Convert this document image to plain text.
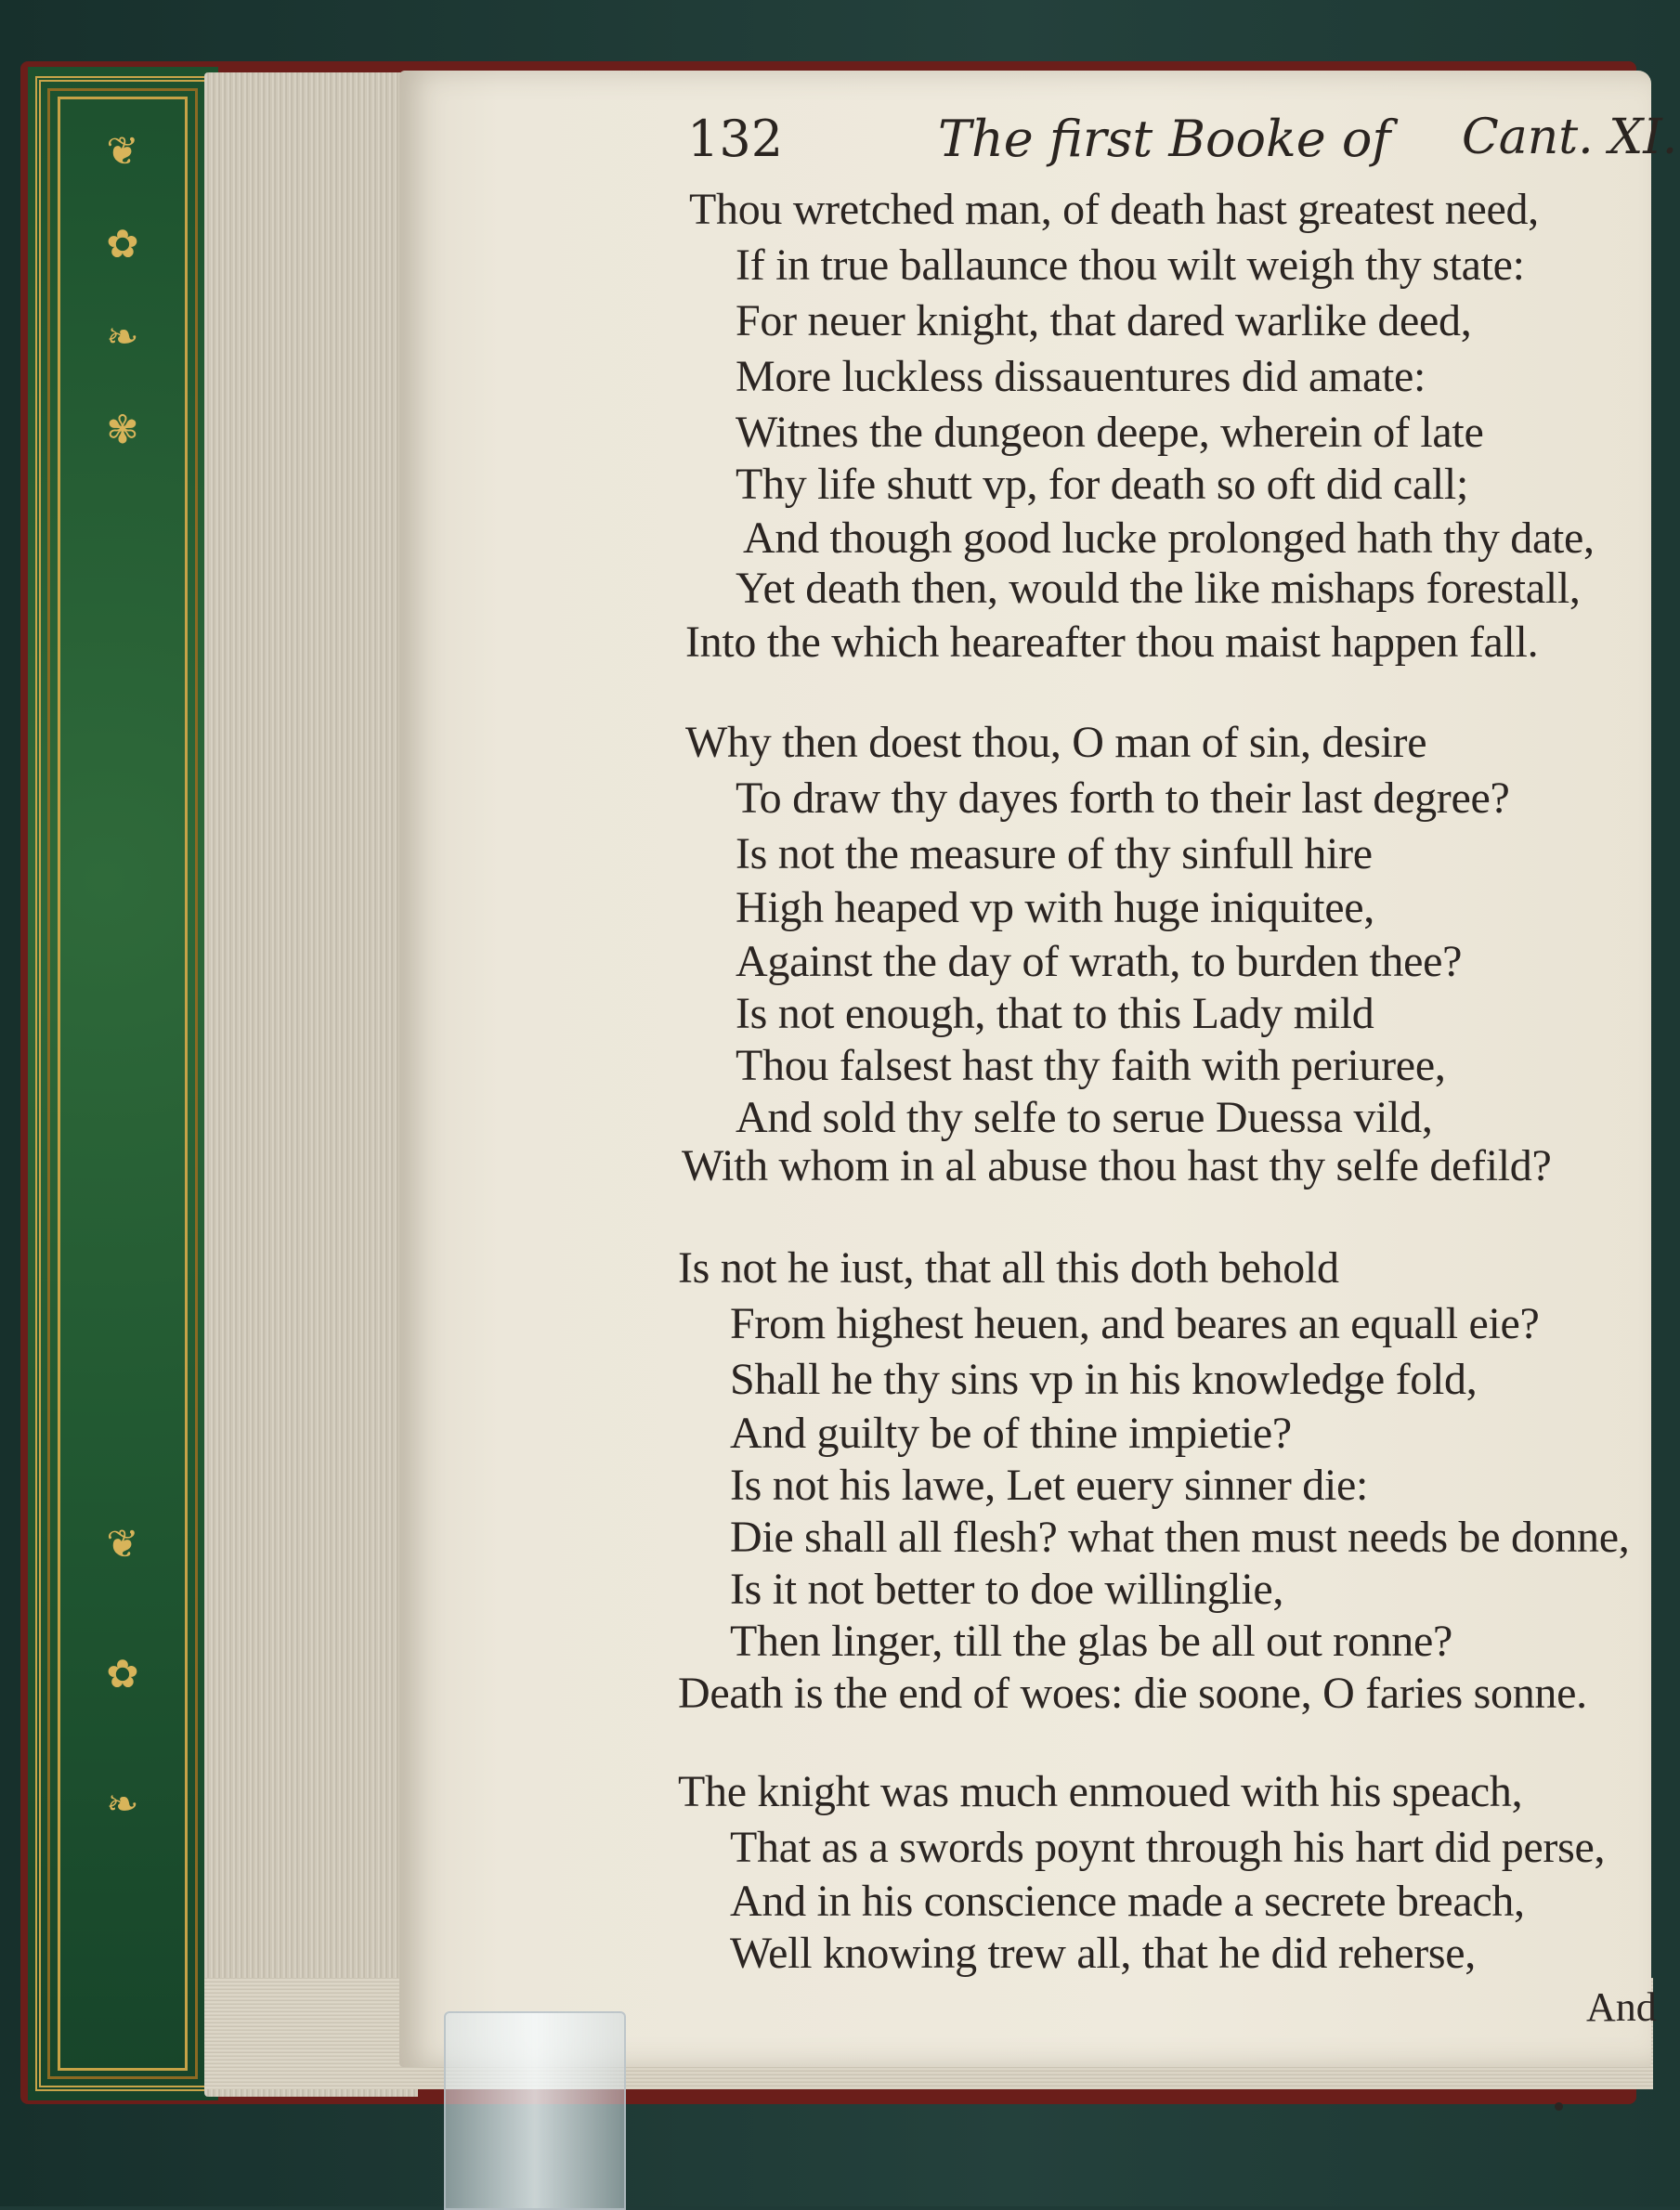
❦
✿
❧
✾
❦
✿
❧
132	The first Booke of Cant. XI.
Thou wretched man, of death hast greatest need,
If in true ballaunce thou wilt weigh thy state:
For neuer knight, that dared warlike deed,
More luckless dissauentures did amate:
Witnes the dungeon deepe, wherein of late
Thy life shutt vp, for death so oft did call;
And though good lucke prolonged hath thy date,
Yet death then, would the like mishaps forestall,
Into the which heareafter thou maist happen fall.
Why then doest thou, O man of sin, desire
To draw thy dayes forth to their last degree?
Is not the measure of thy sinfull hire
High heaped vp with huge iniquitee,
Against the day of wrath, to burden thee?
Is not enough, that to this Lady mild
Thou falsest hast thy faith with periuree,
And sold thy selfe to serue Duessa vild,
With whom in al abuse thou hast thy selfe defild?
Is not he iust, that all this doth behold
From highest heuen, and beares an equall eie?
Shall he thy sins vp in his knowledge fold,
And guilty be of thine impietie?
Is not his lawe, Let euery sinner die:
Die shall all flesh? what then must needs be donne,
Is it not better to doe willinglie,
Then linger, till the glas be all out ronne?
Death is the end of woes: die soone, O faries sonne.
The knight was much enmoued with his speach,
That as a swords poynt through his hart did perse,
And in his conscience made a secrete breach,
Well knowing trew all, that he did reherse,
And
